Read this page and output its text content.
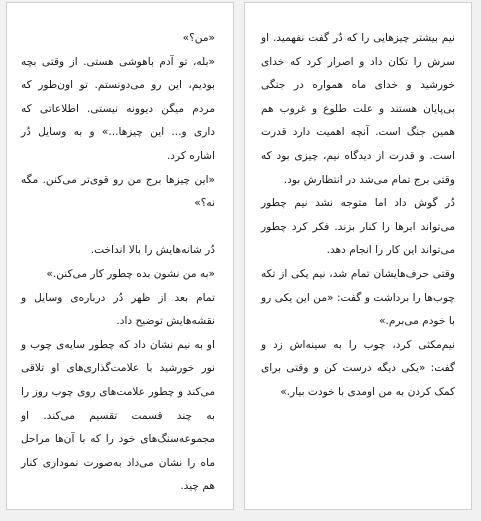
«من؟»

«بله، تو آدم باهوشی هستی. از وقتی بچه بودیم، این رو می‌دونستم. تو اون‌طور که مردم میگن دیوونه نیستی. اطلاعاتی که داری و... این چیزها...» و به وسایل دُر اشاره کرد.

«این چیزها برج من رو قوی‌تر می‌کنن. مگه نه؟»

دُر شانه‌هایش را بالا انداخت.

«به من نشون بده چطور کار می‌کنن.»

تمام بعد از ظهر دُر درباره‌ی وسایل و نقشه‌هایش توضیح داد.

او به نیم نشان داد که چطور سایه‌ی چوب و نور خورشید با علامت‌گذاری‌های او تلاقی می‌کند و چطور علامت‌های روی چوب روز را به چند قسمت تقسیم می‌کند. او مجموعه‌سنگ‌های خود را که با آن‌ها مراحل ماه را نشان می‌داد به‌صورت نموداری کنار هم چید.

نیم بیشتر چیزهایی را که دُر گفت نفهمید. او سرش را تکان داد و اصرار کرد که خدای خورشید و خدای ماه همواره در جنگی بی‌پایان هستند و علت طلوع و غروب هم همین جنگ است. آنچه اهمیت دارد قدرت است. و قدرت از دیدگاه نیم، چیزی بود که وقتی برج تمام می‌شد در انتظارش بود.

دُر گوش داد اما متوجه نشد نیم چطور می‌تواند ابرها را کنار بزند. فکر کرد چطور می‌تواند این کار را انجام دهد.

وقتی حرف‌هایشان تمام شد، نیم یکی از تکه چوب‌ها را برداشت و گفت: «من این یکی رو با خودم می‌برم.»

نیم‌مکثی کرد، چوب را به سینه‌اش زد و گفت: «یکی دیگه درست کن و وقتی برای کمک کردن به من اومدی با خودت بیار.»
